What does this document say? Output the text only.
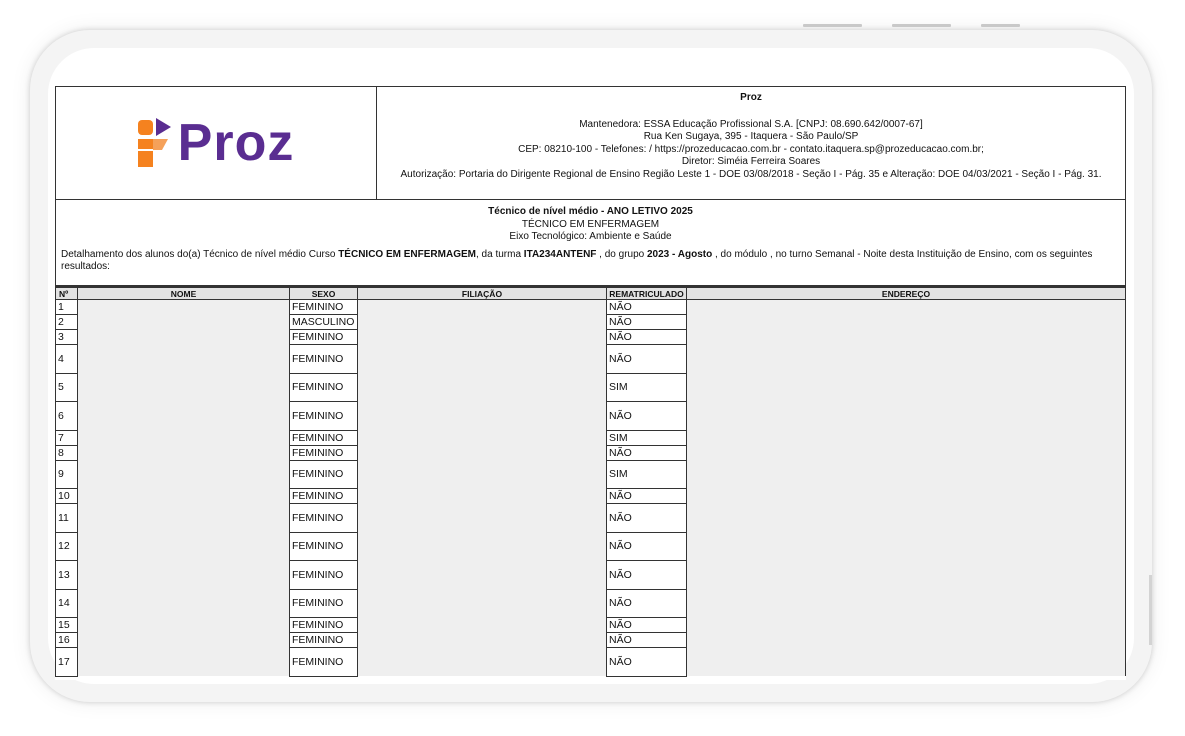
Proz
Proz
Mantenedora: ESSA Educação Profissional S.A. [CNPJ: 08.690.642/0007-67]
Rua Ken Sugaya, 395 - Itaquera - São Paulo/SP
CEP: 08210-100 - Telefones: / https://prozeducacao.com.br - contato.itaquera.sp@prozeducacao.com.br;
Diretor: Siméia Ferreira Soares
Autorização: Portaria do Dirigente Regional de Ensino Região Leste 1 - DOE 03/08/2018 - Seção I - Pág. 35 e Alteração: DOE 04/03/2021 - Seção I - Pág. 31.
Técnico de nível médio - ANO LETIVO 2025
TÉCNICO EM ENFERMAGEM
Eixo Tecnológico: Ambiente e Saúde
Detalhamento dos alunos do(a) Técnico de nível médio Curso TÉCNICO EM ENFERMAGEM, da turma ITA234ANTENF , do grupo 2023 - Agosto , do módulo , no turno Semanal - Noite desta Instituição de Ensino, com os seguintes resultados:
Nº	NOME	SEXO	FILIAÇÃO	REMATRICULADO	ENDEREÇO
1		FEMININO		NÃO	
2		MASCULINO		NÃO	
3		FEMININO		NÃO	
4		FEMININO		NÃO	
5		FEMININO		SIM	
6		FEMININO		NÃO	
7		FEMININO		SIM	
8		FEMININO		NÃO	
9		FEMININO		SIM	
10		FEMININO		NÃO	
11		FEMININO		NÃO	
12		FEMININO		NÃO	
13		FEMININO		NÃO	
14		FEMININO		NÃO	
15		FEMININO		NÃO	
16		FEMININO		NÃO	
17		FEMININO		NÃO	
